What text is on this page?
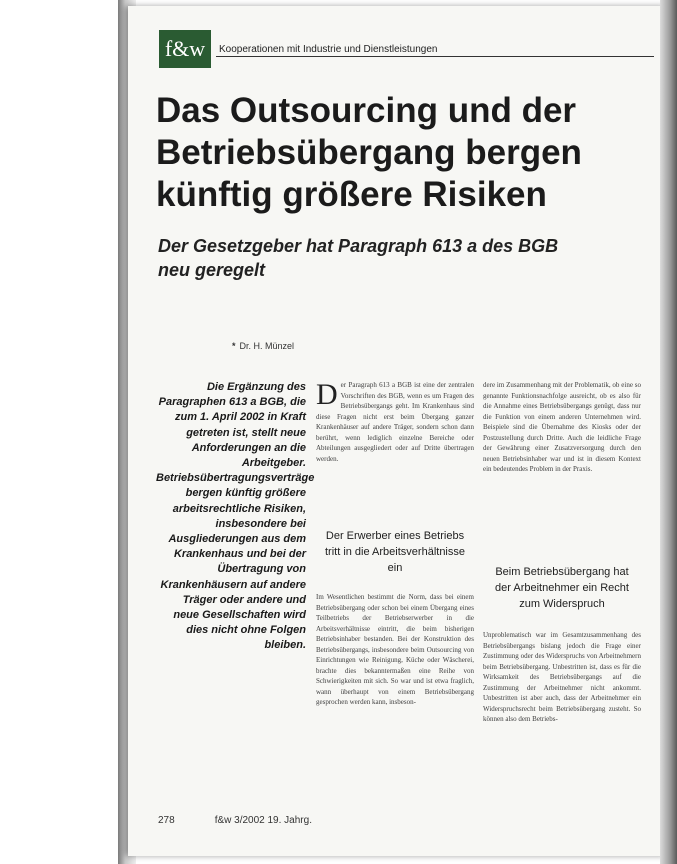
f&w	Kooperationen mit Industrie und Dienstleistungen
Das Outsourcing und der Betriebsübergang bergen künftig größere Risiken
Der Gesetzgeber hat Paragraph 613 a des BGB neu geregelt
* Dr. H. Münzel

Die Ergänzung des Paragraphen 613 a BGB, die zum 1. April 2002 in Kraft getreten ist, stellt neue Anforderungen an die Arbeitgeber. Betriebsübertragungsverträge bergen künftig größere arbeitsrechtliche Risiken, insbesondere bei Ausgliederungen aus dem Krankenhaus und bei der Übertragung von Krankenhäusern auf andere Träger oder andere und neue Gesellschaften wird dies nicht ohne Folgen bleiben.

Der Paragraph 613 a BGB ist eine der zentralen Vorschriften des BGB, wenn es um Fragen des Betriebsübergangs geht. Im Krankenhaus sind diese Fragen nicht erst beim Übergang ganzer Krankenhäuser auf andere Träger, sondern schon dann berührt, wenn lediglich einzelne Bereiche oder Abteilungen ausgegliedert oder auf Dritte übertragen werden.

Der Erwerber eines Betriebs tritt in die Arbeitsverhältnisse ein

Im Wesentlichen bestimmt die Norm, dass bei einem Betriebsübergang oder schon bei einem Übergang eines Teilbetriebs der Betriebserwerber in die Arbeitsverhältnisse eintritt, die beim bisherigen Betriebsinhaber bestanden. Bei der Konstruktion des Betriebsübergangs, insbesondere beim Outsourcing von Einrichtungen wie Reinigung, Küche oder Wäscherei, brachte dies bekanntermaßen eine Reihe von Schwierigkeiten mit sich. So war und ist etwa fraglich, wann überhaupt von einem Betriebsübergang gesprochen werden kann, insbeson-

dere im Zusammenhang mit der Problematik, ob eine so genannte Funktionsnachfolge ausreicht, ob es also für die Annahme eines Betriebsübergangs genügt, dass nur die Funktion von einem anderen Unternehmen wird. Beispiele sind die Übernahme des Kiosks oder der Postzustellung durch Dritte. Auch die leidliche Frage der Gewährung einer Zusatzversorgung durch den neuen Betriebsinhaber war und ist in diesem Kontext ein bedeutendes Problem in der Praxis.

Beim Betriebsübergang hat der Arbeitnehmer ein Recht zum Widerspruch

Unproblematisch war im Gesamtzusammenhang des Betriebsübergangs bislang jedoch die Frage einer Zustimmung oder des Widerspruchs von Arbeitnehmern beim Betriebsübergang. Unbestritten ist, dass es für die Wirksamkeit des Betriebsübergangs auf die Zustimmung der Arbeitnehmer nicht ankommt. Unbestritten ist aber auch, dass der Arbeitnehmer ein Widerspruchsrecht beim Betriebsübergang zusteht. So können also dem Betriebs-

278	f&w 3/2002 19. Jahrg.
